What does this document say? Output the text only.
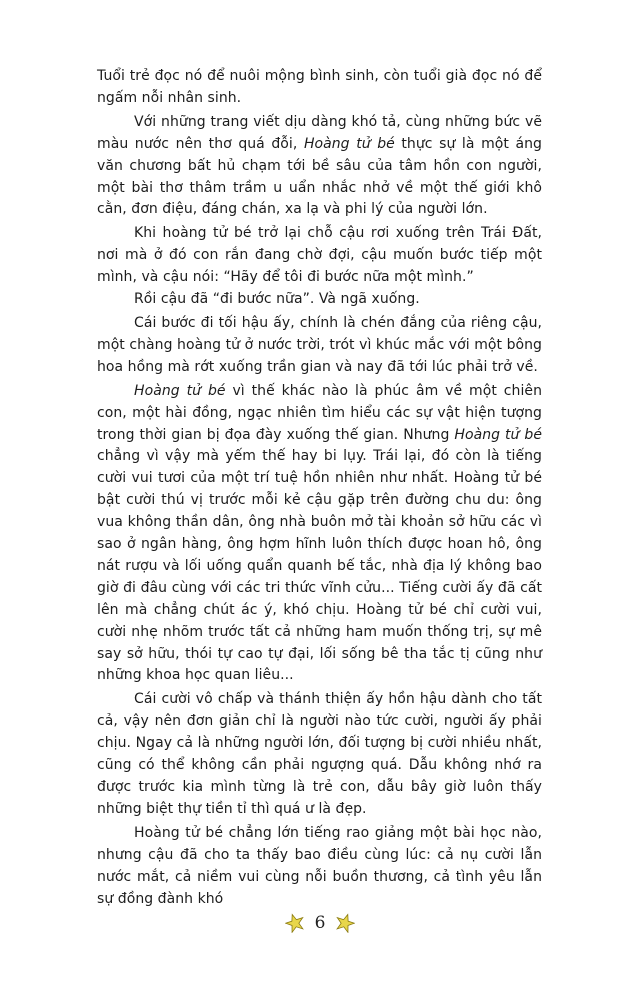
Tuổi trẻ đọc nó để nuôi mộng bình sinh, còn tuổi già đọc nó để ngấm nỗi nhân sinh.

Với những trang viết dịu dàng khó tả, cùng những bức vẽ màu nước nên thơ quá đỗi, Hoàng tử bé thực sự là một áng văn chương bất hủ chạm tới bề sâu của tâm hồn con người, một bài thơ thâm trầm u uẩn nhắc nhở về một thế giới khô cằn, đơn điệu, đáng chán, xa lạ và phi lý của người lớn.

Khi hoàng tử bé trở lại chỗ cậu rơi xuống trên Trái Đất, nơi mà ở đó con rắn đang chờ đợi, cậu muốn bước tiếp một mình, và cậu nói: “Hãy để tôi đi bước nữa một mình.”

Rồi cậu đã “đi bước nữa”. Và ngã xuống.

Cái bước đi tối hậu ấy, chính là chén đắng của riêng cậu, một chàng hoàng tử ở nước trời, trót vì khúc mắc với một bông hoa hồng mà rớt xuống trần gian và nay đã tới lúc phải trở về.

Hoàng tử bé vì thế khác nào là phúc âm về một chiên con, một hài đồng, ngạc nhiên tìm hiểu các sự vật hiện tượng trong thời gian bị đọa đày xuống thế gian. Nhưng Hoàng tử bé chẳng vì vậy mà yếm thế hay bi lụy. Trái lại, đó còn là tiếng cười vui tươi của một trí tuệ hồn nhiên như nhất. Hoàng tử bé bật cười thú vị trước mỗi kẻ cậu gặp trên đường chu du: ông vua không thần dân, ông nhà buôn mở tài khoản sở hữu các vì sao ở ngân hàng, ông hợm hĩnh luôn thích được hoan hô, ông nát rượu và lối uống quẩn quanh bế tắc, nhà địa lý không bao giờ đi đâu cùng với các tri thức vĩnh cửu... Tiếng cười ấy đã cất lên mà chẳng chút ác ý, khó chịu. Hoàng tử bé chỉ cười vui, cười nhẹ nhõm trước tất cả những ham muốn thống trị, sự mê say sở hữu, thói tự cao tự đại, lối sống bê tha tắc tị cũng như những khoa học quan liêu...

Cái cười vô chấp và thánh thiện ấy hồn hậu dành cho tất cả, vậy nên đơn giản chỉ là người nào tức cười, người ấy phải chịu. Ngay cả là những người lớn, đối tượng bị cười nhiều nhất, cũng có thể không cần phải ngượng quá. Dẫu không nhớ ra được trước kia mình từng là trẻ con, dẫu bây giờ luôn thấy những biệt thự tiền tỉ thì quá ư là đẹp.

Hoàng tử bé chẳng lớn tiếng rao giảng một bài học nào, nhưng cậu đã cho ta thấy bao điều cùng lúc: cả nụ cười lẫn nước mắt, cả niềm vui cùng nỗi buồn thương, cả tình yêu lẫn sự đồng đành khó

6
